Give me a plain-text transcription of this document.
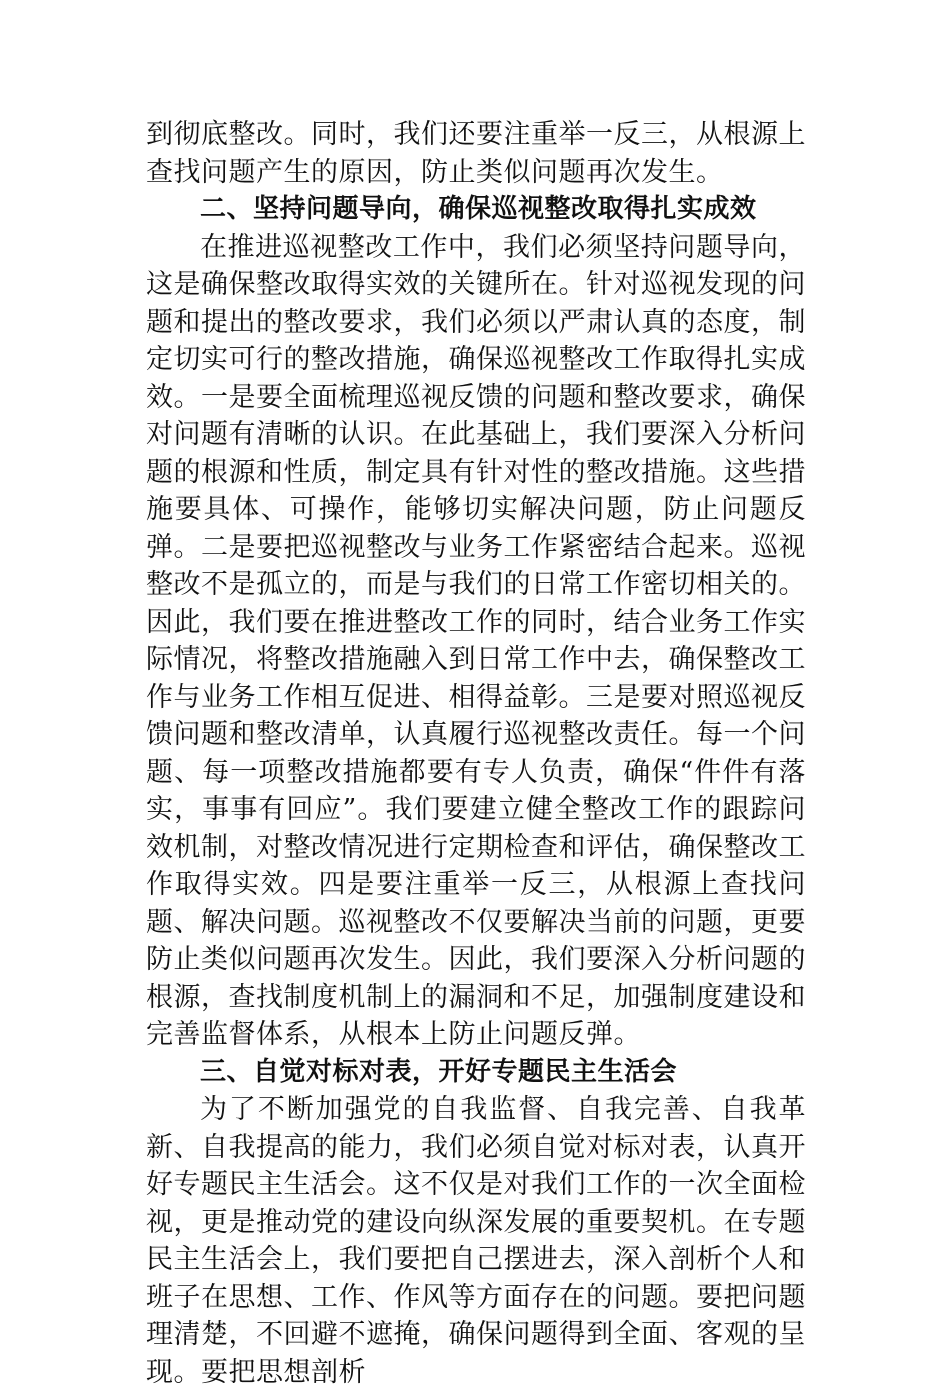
到彻底整改。同时，我们还要注重举一反三，从根源上查找问题产生的原因，防止类似问题再次发生。

二、坚持问题导向，确保巡视整改取得扎实成效

在推进巡视整改工作中，我们必须坚持问题导向，这是确保整改取得实效的关键所在。针对巡视发现的问题和提出的整改要求，我们必须以严肃认真的态度，制定切实可行的整改措施，确保巡视整改工作取得扎实成效。一是要全面梳理巡视反馈的问题和整改要求，确保对问题有清晰的认识。在此基础上，我们要深入分析问题的根源和性质，制定具有针对性的整改措施。这些措施要具体、可操作，能够切实解决问题，防止问题反弹。二是要把巡视整改与业务工作紧密结合起来。巡视整改不是孤立的，而是与我们的日常工作密切相关的。因此，我们要在推进整改工作的同时，结合业务工作实际情况，将整改措施融入到日常工作中去，确保整改工作与业务工作相互促进、相得益彰。三是要对照巡视反馈问题和整改清单，认真履行巡视整改责任。每一个问题、每一项整改措施都要有专人负责，确保“件件有落实，事事有回应”。我们要建立健全整改工作的跟踪问效机制，对整改情况进行定期检查和评估，确保整改工作取得实效。四是要注重举一反三，从根源上查找问题、解决问题。巡视整改不仅要解决当前的问题，更要防止类似问题再次发生。因此，我们要深入分析问题的根源，查找制度机制上的漏洞和不足，加强制度建设和完善监督体系，从根本上防止问题反弹。

三、自觉对标对表，开好专题民主生活会

为了不断加强党的自我监督、自我完善、自我革新、自我提高的能力，我们必须自觉对标对表，认真开好专题民主生活会。这不仅是对我们工作的一次全面检视，更是推动党的建设向纵深发展的重要契机。在专题民主生活会上，我们要把自己摆进去，深入剖析个人和班子在思想、工作、作风等方面存在的问题。要把问题理清楚，不回避不遮掩，确保问题得到全面、客观的呈现。要把思想剖析
